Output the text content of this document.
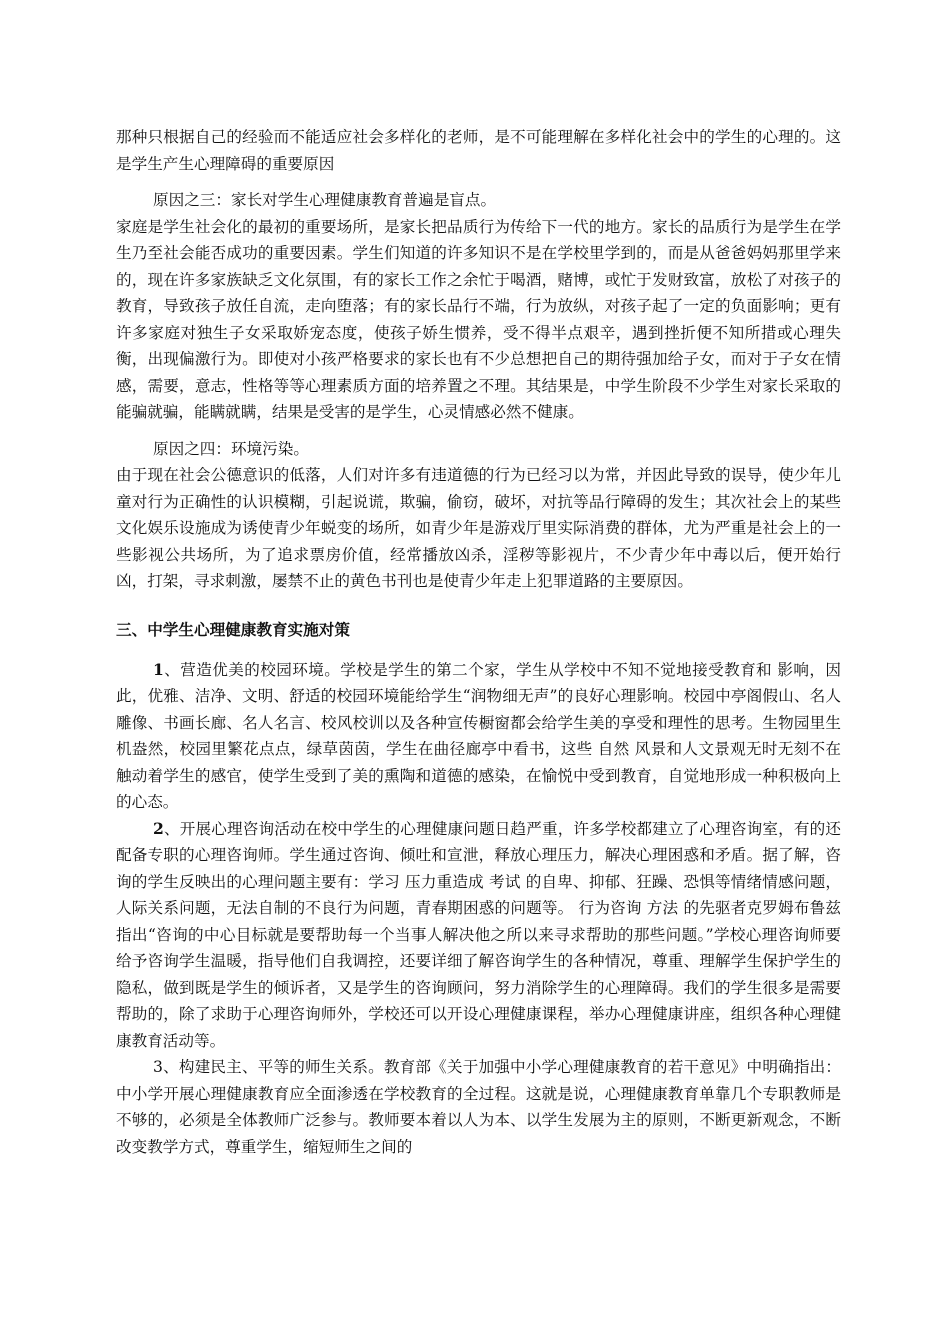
那种只根据自己的经验而不能适应社会多样化的老师，是不可能理解在多样化社会中的学生的心理的。这是学生产生心理障碍的重要原因

原因之三：家长对学生心理健康教育普遍是盲点。

家庭是学生社会化的最初的重要场所，是家长把品质行为传给下一代的地方。家长的品质行为是学生在学生乃至社会能否成功的重要因素。学生们知道的许多知识不是在学校里学到的，而是从爸爸妈妈那里学来的，现在许多家族缺乏文化氛围，有的家长工作之余忙于喝酒，赌博，或忙于发财致富，放松了对孩子的教育，导致孩子放任自流，走向堕落；有的家长品行不端，行为放纵，对孩子起了一定的负面影响；更有许多家庭对独生子女采取娇宠态度，使孩子娇生惯养，受不得半点艰辛，遇到挫折便不知所措或心理失衡，出现偏激行为。即使对小孩严格要求的家长也有不少总想把自己的期待强加给子女，而对于子女在情感，需要，意志，性格等等心理素质方面的培养置之不理。其结果是，中学生阶段不少学生对家长采取的能骗就骗，能瞒就瞒，结果是受害的是学生，心灵情感必然不健康。

原因之四：环境污染。

由于现在社会公德意识的低落，人们对许多有违道德的行为已经习以为常，并因此导致的误导，使少年儿童对行为正确性的认识模糊，引起说谎，欺骗，偷窃，破坏，对抗等品行障碍的发生；其次社会上的某些文化娱乐设施成为诱使青少年蜕变的场所，如青少年是游戏厅里实际消费的群体，尤为严重是社会上的一些影视公共场所，为了追求票房价值，经常播放凶杀，淫秽等影视片，不少青少年中毒以后，便开始行凶，打架，寻求刺激，屡禁不止的黄色书刊也是使青少年走上犯罪道路的主要原因。

三、中学生心理健康教育实施对策

1、营造优美的校园环境。学校是学生的第二个家，学生从学校中不知不觉地接受教育和 影响，因此，优雅、洁净、文明、舒适的校园环境能给学生“润物细无声”的良好心理影响。校园中亭阁假山、名人雕像、书画长廊、名人名言、校风校训以及各种宣传橱窗都会给学生美的享受和理性的思考。生物园里生机盎然，校园里繁花点点，绿草茵茵，学生在曲径廊亭中看书，这些 自然 风景和人文景观无时无刻不在触动着学生的感官，使学生受到了美的熏陶和道德的感染，在愉悦中受到教育，自觉地形成一种积极向上的心态。

2、开展心理咨询活动在校中学生的心理健康问题日趋严重，许多学校都建立了心理咨询室，有的还配备专职的心理咨询师。学生通过咨询、倾吐和宣泄，释放心理压力，解决心理困惑和矛盾。据了解，咨询的学生反映出的心理问题主要有：学习 压力重造成 考试 的自卑、抑郁、狂躁、恐惧等情绪情感问题，人际关系问题，无法自制的不良行为问题，青春期困惑的问题等。 行为咨询 方法 的先驱者克罗姆布鲁兹指出“咨询的中心目标就是要帮助每一个当事人解决他之所以来寻求帮助的那些问题。”学校心理咨询师要给予咨询学生温暖，指导他们自我调控，还要详细了解咨询学生的各种情况，尊重、理解学生保护学生的隐私，做到既是学生的倾诉者，又是学生的咨询顾问，努力消除学生的心理障碍。我们的学生很多是需要帮助的，除了求助于心理咨询师外，学校还可以开设心理健康课程，举办心理健康讲座，组织各种心理健康教育活动等。

3、构建民主、平等的师生关系。教育部《关于加强中小学心理健康教育的若干意见》中明确指出：中小学开展心理健康教育应全面渗透在学校教育的全过程。这就是说，心理健康教育单靠几个专职教师是不够的，必须是全体教师广泛参与。教师要本着以人为本、以学生发展为主的原则，不断更新观念，不断改变教学方式，尊重学生，缩短师生之间的
